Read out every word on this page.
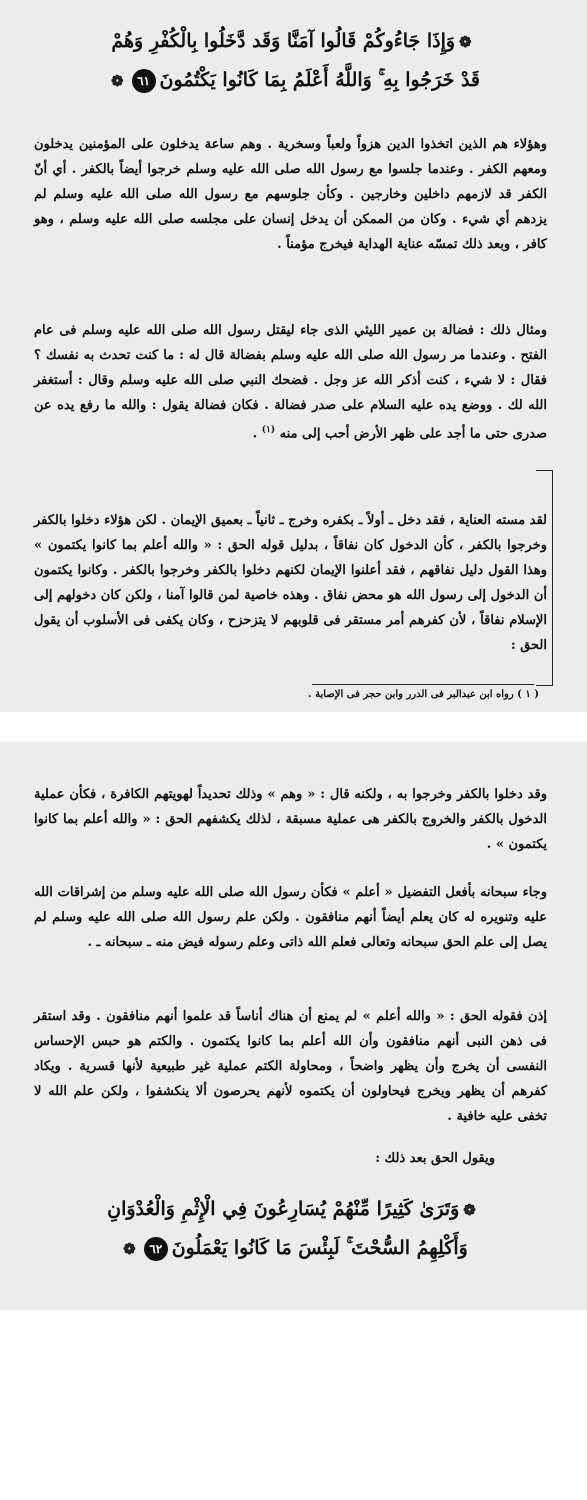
❁وَإِذَا جَاءُوكُمْ قَالُوا آمَنَّا وَقَد دَّخَلُوا بِالْكُفْرِ وَهُمْ
قَدْ خَرَجُوا بِهِ ۚ وَاللَّهُ أَعْلَمُ بِمَا كَانُوا يَكْتُمُونَ٦١❁

وهؤلاء هم الذين اتخذوا الدين هزواً ولعباً وسخرية . وهم ساعة يدخلون على المؤمنين يدخلون ومعهم الكفر . وعندما جلسوا مع رسول الله صلى الله عليه وسلم خرجوا أيضاً بالكفر . أي أنّ الكفر قد لازمهم داخلين وخارجين . وكأن جلوسهم مع رسول الله صلى الله عليه وسلم لم يزدهم أي شيء . وكان من الممكن أن يدخل إنسان على مجلسه صلى الله عليه وسلم ، وهو كافر ، وبعد ذلك تمسّه عناية الهداية فيخرج مؤمناً .

ومثال ذلك : فضالة بن عمير الليثي الذى جاء ليقتل رسول الله صلى الله عليه وسلم فى عام الفتح . وعندما مر رسول الله صلى الله عليه وسلم بفضالة قال له : ما كنت تحدث به نفسك ؟ فقال : لا شيء ، كنت أذكر الله عز وجل . فضحك النبي صلى الله عليه وسلم وقال : أستغفر الله لك . ووضع يده عليه السلام على صدر فضالة . فكان فضالة يقول : والله ما رفع يده عن صدرى حتى ما أجد على ظهر الأرض أحب إلى منه $^{(١)}$ .

لقد مسته العناية ، فقد دخل ـ أولاً ـ بكفره وخرج ـ ثانياً ـ بعميق الإيمان . لكن هؤلاء دخلوا بالكفر وخرجوا بالكفر ، كأن الدخول كان نفاقاً ، بدليل قوله الحق : « والله أعلم بما كانوا يكتمون » وهذا القول دليل نفاقهم ، فقد أعلنوا الإيمان لكنهم دخلوا بالكفر وخرجوا بالكفر . وكانوا يكتمون أن الدخول إلى رسول الله هو محض نفاق . وهذه خاصية لمن قالوا آمنا ، ولكن كان دخولهم إلى الإسلام نفاقاً ، لأن كفرهم أمر مستقر فى قلوبهم لا يتزحزح ، وكان يكفى فى الأسلوب أن يقول الحق :

( ١ ) رواه ابن عبدالبر فى الدرر وابن حجر فى الإصابة .

وقد دخلوا بالكفر وخرجوا به ، ولكنه قال : « وهم » وذلك تحديداً لهويتهم الكافرة ، فكأن عملية الدخول بالكفر والخروج بالكفر هى عملية مسبقة ، لذلك يكشفهم الحق : « والله أعلم بما كانوا يكتمون » .

وجاء سبحانه بأفعل التفضيل « أعلم » فكأن رسول الله صلى الله عليه وسلم من إشراقات الله عليه وتنويره له كان يعلم أيضاً أنهم منافقون . ولكن علم رسول الله صلى الله عليه وسلم لم يصل إلى علم الحق سبحانه وتعالى فعلم الله ذاتى وعلم رسوله فيض منه ـ سبحانه ـ .

إذن فقوله الحق : « والله أعلم » لم يمنع أن هناك أناساً قد علموا أنهم منافقون . وقد استقر فى ذهن النبى أنهم منافقون وأن الله أعلم بما كانوا يكتمون . والكتم هو حبس الإحساس النفسى أن يخرج وأن يظهر واضحاً ، ومحاولة الكتم عملية غير طبيعية لأنها قسرية . ويكاد كفرهم أن يظهر ويخرج فيحاولون أن يكتموه لأنهم يحرصون ألا ينكشفوا ، ولكن علم الله لا تخفى عليه خافية .

ويقول الحق بعد ذلك :

❁وَتَرَىٰ كَثِيرًا مِّنْهُمْ يُسَارِعُونَ فِي الْإِثْمِ وَالْعُدْوَانِ
وَأَكْلِهِمُ السُّحْتَ ۚ لَبِئْسَ مَا كَانُوا يَعْمَلُونَ٦٢❁
